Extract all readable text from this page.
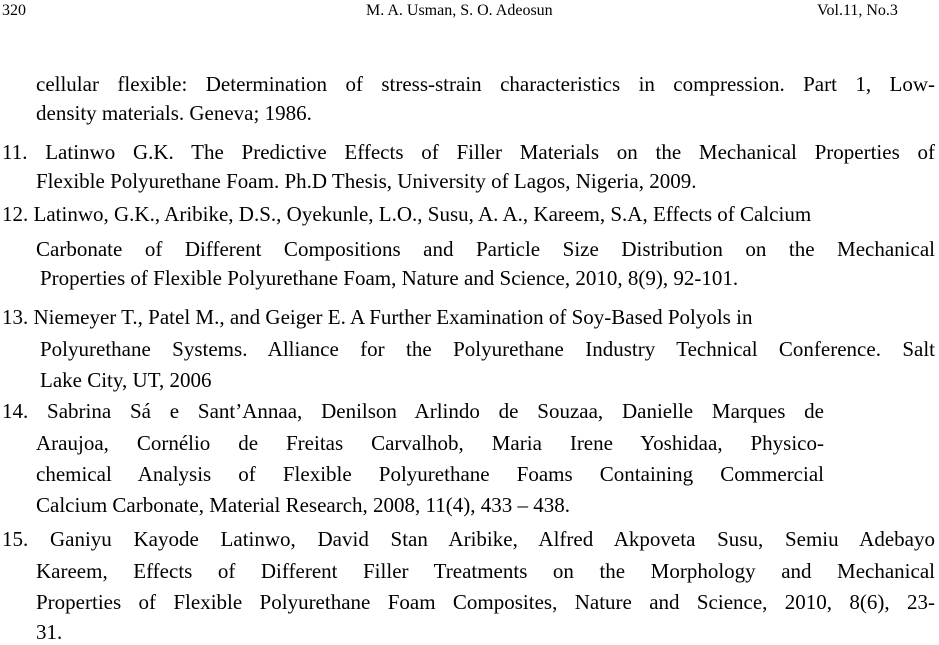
320	M. A. Usman, S. O. Adeosun	Vol.11, No.3
cellular flexible: Determination of stress-strain characteristics in compression. Part 1, Low-
density materials. Geneva; 1986.
11. Latinwo G.K. The Predictive Effects of Filler Materials on the Mechanical Properties of
Flexible Polyurethane Foam. Ph.D Thesis, University of Lagos, Nigeria, 2009.
12. Latinwo, G.K., Aribike, D.S., Oyekunle, L.O., Susu, A. A., Kareem, S.A, Effects of Calcium
Carbonate of Different Compositions and Particle Size Distribution on the Mechanical
Properties of Flexible Polyurethane Foam, Nature and Science, 2010, 8(9), 92-101.
13. Niemeyer T., Patel M., and Geiger E. A Further Examination of Soy-Based Polyols in
Polyurethane Systems. Alliance for the Polyurethane Industry Technical Conference. Salt
Lake City, UT, 2006
14. Sabrina Sá e Sant’Annaa, Denilson Arlindo de Souzaa, Danielle Marques de
Araujoa, Cornélio de Freitas Carvalhob, Maria Irene Yoshidaa, Physico-
chemical Analysis of Flexible Polyurethane Foams Containing Commercial
Calcium Carbonate, Material Research, 2008, 11(4), 433 – 438.
15. Ganiyu Kayode Latinwo, David Stan Aribike, Alfred Akpoveta Susu, Semiu Adebayo
Kareem, Effects of Different Filler Treatments on the Morphology and Mechanical
Properties of Flexible Polyurethane Foam Composites, Nature and Science, 2010, 8(6), 23-
31.
